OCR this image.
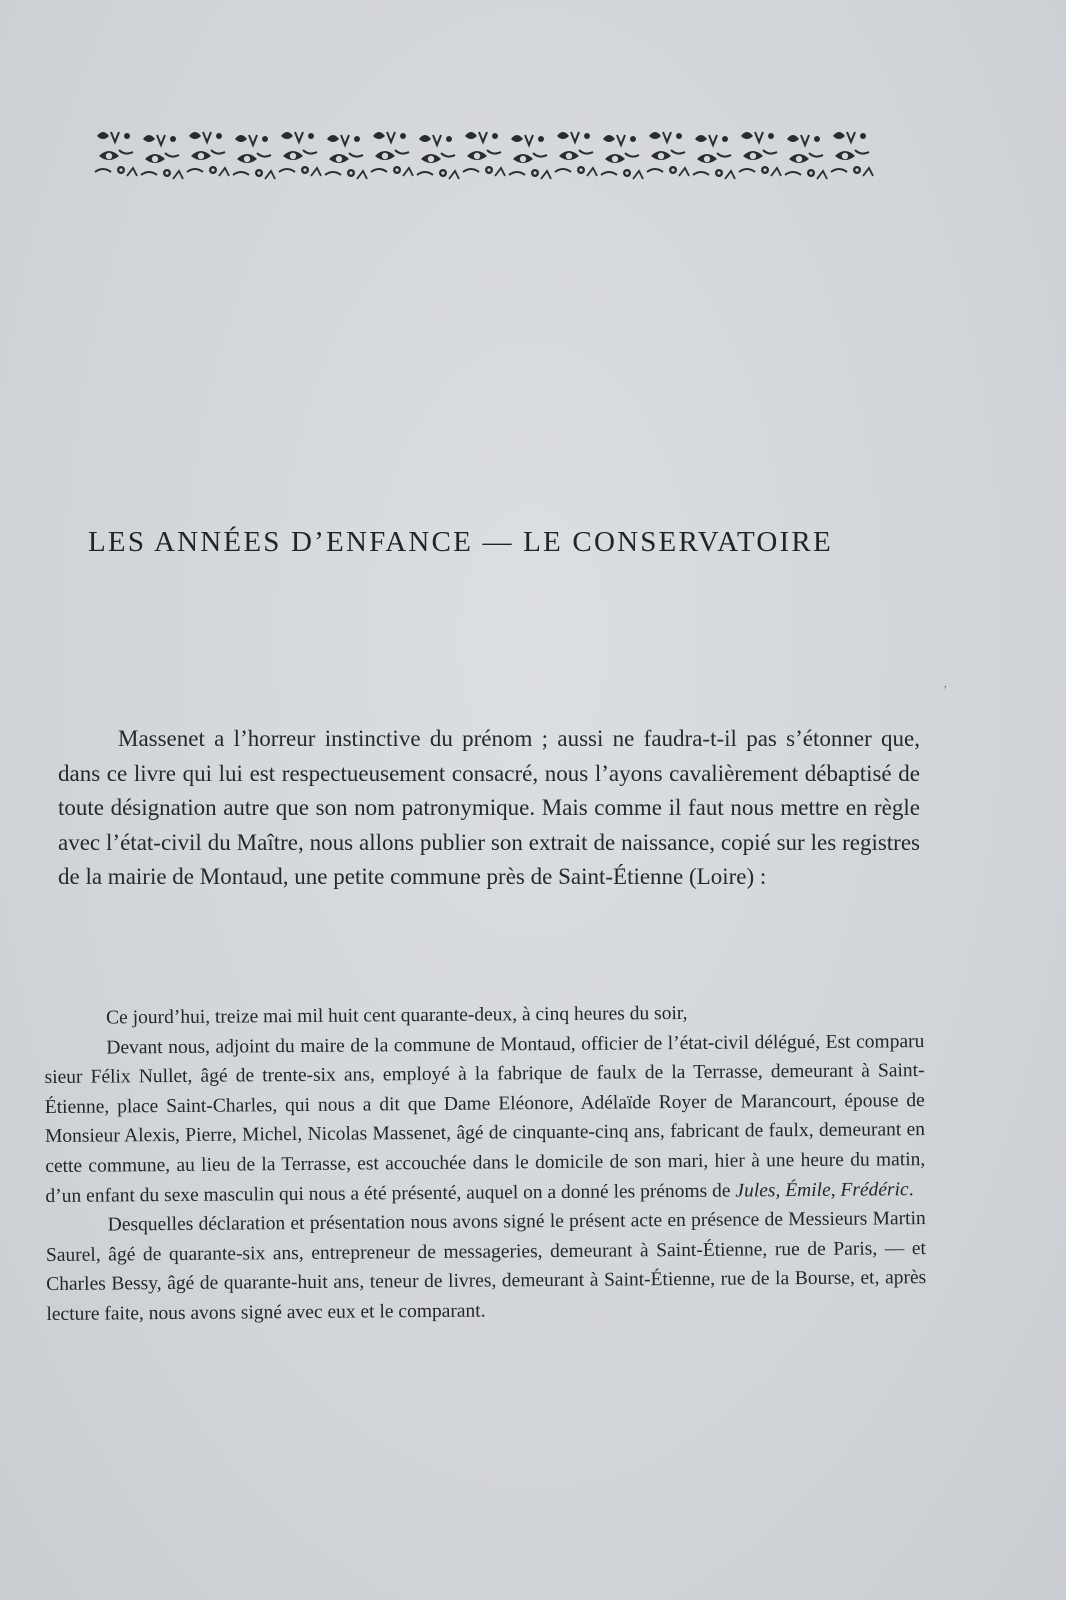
LES ANNÉES D’ENFANCE — LE CONSERVATOIRE
,

Massenet a l’horreur instinctive du prénom ; aussi ne faudra-t-il pas s’étonner que, dans ce livre qui lui est respectueusement consacré, nous l’ayons cavalièrement débaptisé de toute désignation autre que son nom patronymique. Mais comme il faut nous mettre en règle avec l’état-civil du Maître, nous allons publier son extrait de naissance, copié sur les registres de la mairie de Montaud, une petite commune près de Saint-Étienne (Loire) :

Ce jourd’hui, treize mai mil huit cent quarante-deux, à cinq heures du soir,

Devant nous, adjoint du maire de la commune de Montaud, officier de l’état-civil délégué, Est comparu sieur Félix Nullet, âgé de trente-six ans, employé à la fabrique de faulx de la Terrasse, demeurant à Saint-Étienne, place Saint-Charles, qui nous a dit que Dame Eléonore, Adélaïde Royer de Marancourt, épouse de Monsieur Alexis, Pierre, Michel, Nicolas Massenet, âgé de cinquante-cinq ans, fabricant de faulx, demeurant en cette commune, au lieu de la Terrasse, est accouchée dans le domicile de son mari, hier à une heure du matin, d’un enfant du sexe masculin qui nous a été présenté, auquel on a donné les prénoms de Jules, Émile, Frédéric.

Desquelles déclaration et présentation nous avons signé le présent acte en présence de Messieurs Martin Saurel, âgé de quarante-six ans, entrepreneur de messageries, demeurant à Saint-Étienne, rue de Paris, — et Charles Bessy, âgé de quarante-huit ans, teneur de livres, demeurant à Saint-Étienne, rue de la Bourse, et, après lecture faite, nous avons signé avec eux et le comparant.
